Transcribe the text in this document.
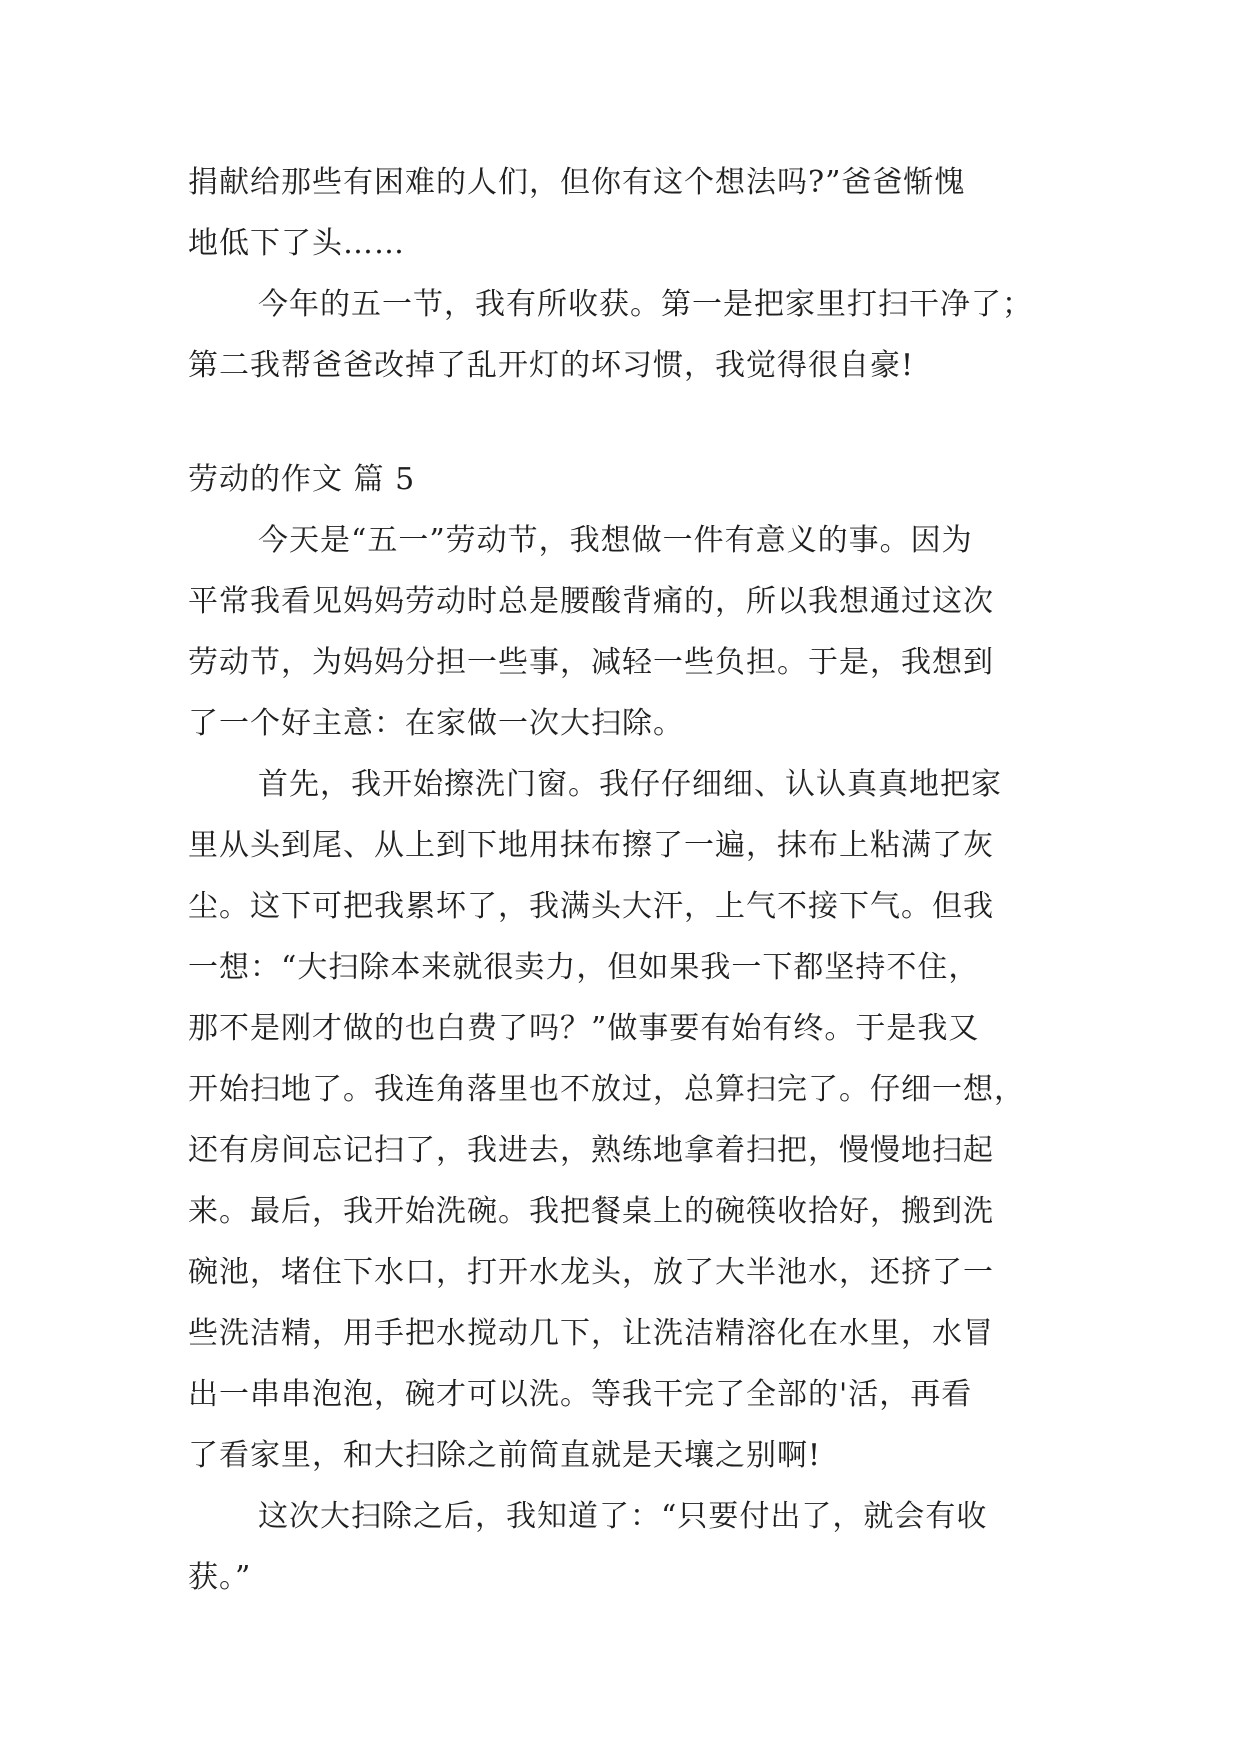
捐献给那些有困难的人们，但你有这个想法吗?”爸爸惭愧
地低下了头……
今年的五一节，我有所收获。第一是把家里打扫干净了；
第二我帮爸爸改掉了乱开灯的坏习惯，我觉得很自豪!
劳动的作文 篇 5
今天是“五一”劳动节，我想做一件有意义的事。因为
平常我看见妈妈劳动时总是腰酸背痛的，所以我想通过这次
劳动节，为妈妈分担一些事，减轻一些负担。于是，我想到
了一个好主意：在家做一次大扫除。
首先，我开始擦洗门窗。我仔仔细细、认认真真地把家
里从头到尾、从上到下地用抹布擦了一遍，抹布上粘满了灰
尘。这下可把我累坏了，我满头大汗，上气不接下气。但我
一想：“大扫除本来就很卖力，但如果我一下都坚持不住，
那不是刚才做的也白费了吗？”做事要有始有终。于是我又
开始扫地了。我连角落里也不放过，总算扫完了。仔细一想，
还有房间忘记扫了，我进去，熟练地拿着扫把，慢慢地扫起
来。最后，我开始洗碗。我把餐桌上的碗筷收拾好，搬到洗
碗池，堵住下水口，打开水龙头，放了大半池水，还挤了一
些洗洁精，用手把水搅动几下，让洗洁精溶化在水里，水冒
出一串串泡泡，碗才可以洗。等我干完了全部的'活，再看
了看家里，和大扫除之前简直就是天壤之别啊!
这次大扫除之后，我知道了：“只要付出了，就会有收
获。”
